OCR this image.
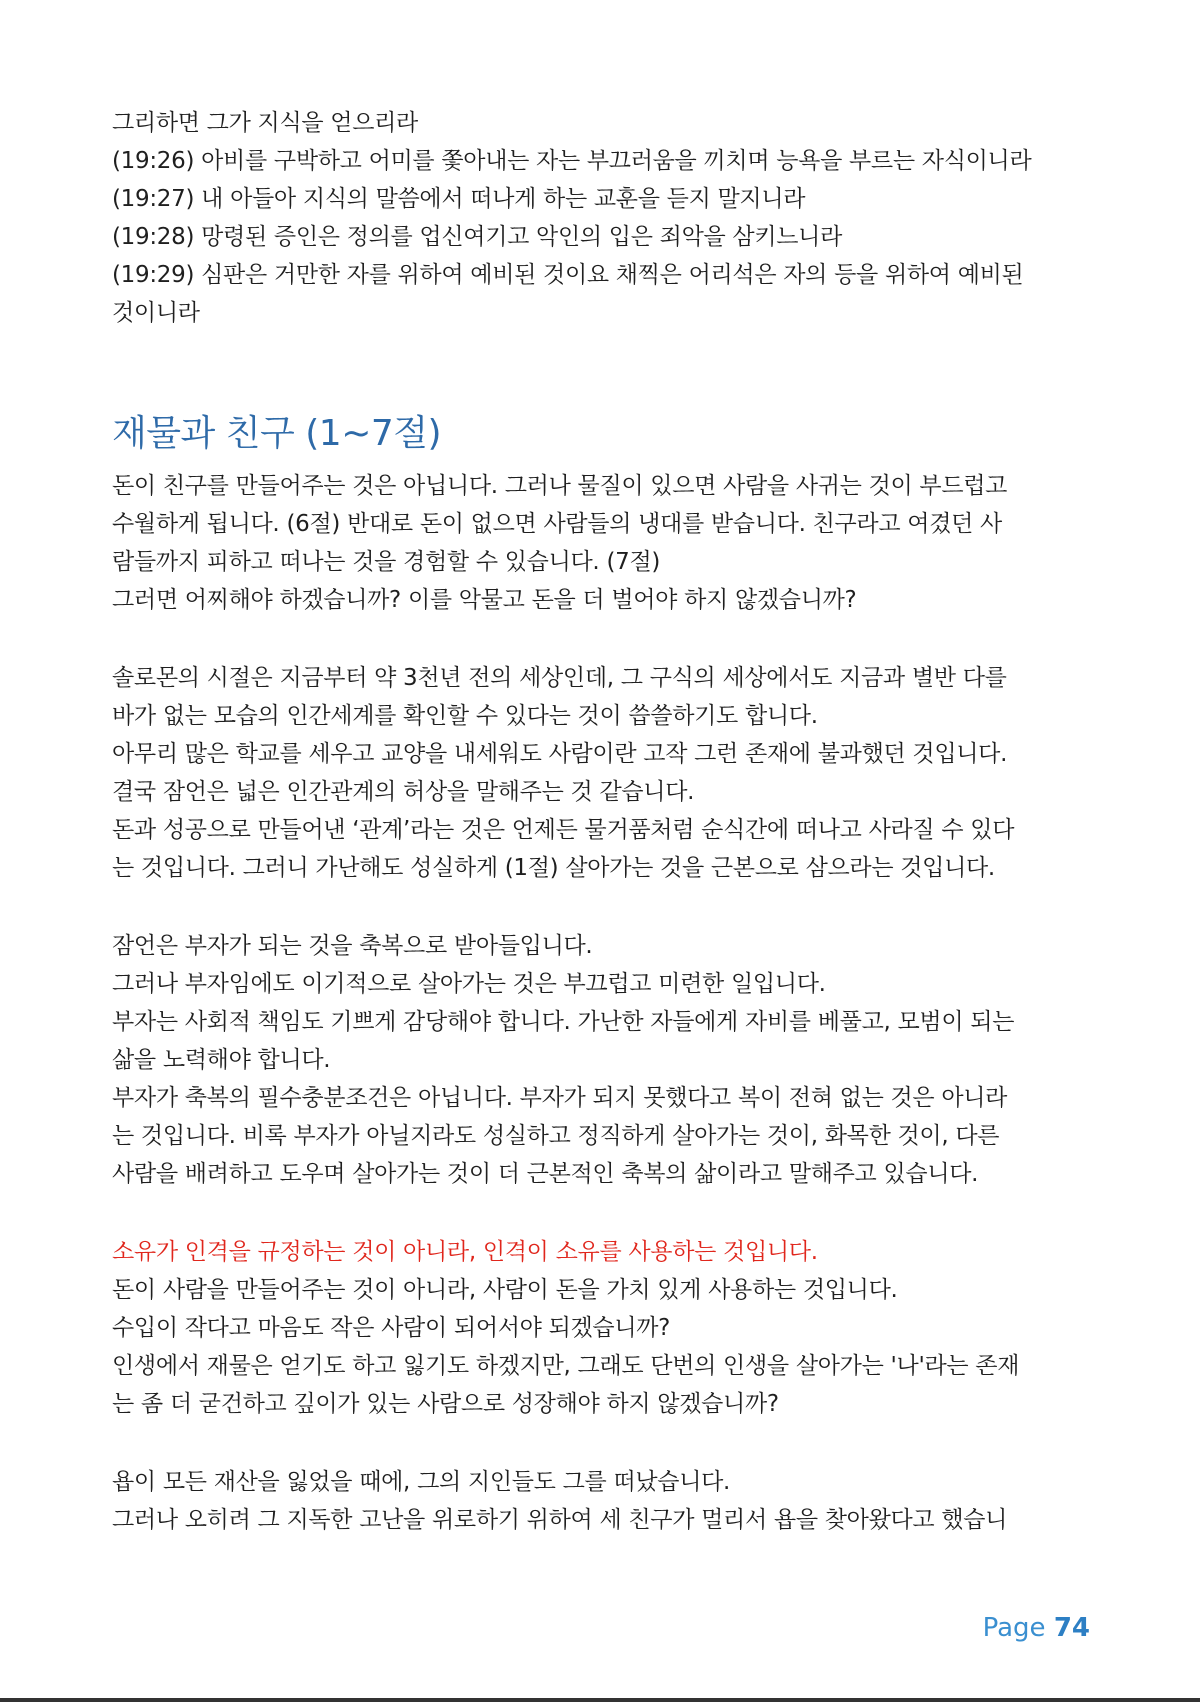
그리하면 그가 지식을 얻으리라
(19:26) 아비를 구박하고 어미를 쫓아내는 자는 부끄러움을 끼치며 능욕을 부르는 자식이니라
(19:27) 내 아들아 지식의 말씀에서 떠나게 하는 교훈을 듣지 말지니라
(19:28) 망령된 증인은 정의를 업신여기고 악인의 입은 죄악을 삼키느니라
(19:29) 심판은 거만한 자를 위하여 예비된 것이요 채찍은 어리석은 자의 등을 위하여 예비된
것이니라
재물과 친구 (1~7절)
돈이 친구를 만들어주는 것은 아닙니다. 그러나 물질이 있으면 사람을 사귀는 것이 부드럽고
수월하게 됩니다. (6절) 반대로 돈이 없으면 사람들의 냉대를 받습니다. 친구라고 여겼던 사
람들까지 피하고 떠나는 것을 경험할 수 있습니다. (7절)
그러면 어찌해야 하겠습니까? 이를 악물고 돈을 더 벌어야 하지 않겠습니까?
솔로몬의 시절은 지금부터 약 3천년 전의 세상인데, 그 구식의 세상에서도 지금과 별반 다를
바가 없는 모습의 인간세계를 확인할 수 있다는 것이 씁쓸하기도 합니다.
아무리 많은 학교를 세우고 교양을 내세워도 사람이란 고작 그런 존재에 불과했던 것입니다.
결국 잠언은 넓은 인간관계의 허상을 말해주는 것 같습니다.
돈과 성공으로 만들어낸 ‘관계’라는 것은 언제든 물거품처럼 순식간에 떠나고 사라질 수 있다
는 것입니다. 그러니 가난해도 성실하게 (1절) 살아가는 것을 근본으로 삼으라는 것입니다.
잠언은 부자가 되는 것을 축복으로 받아들입니다.
그러나 부자임에도 이기적으로 살아가는 것은 부끄럽고 미련한 일입니다.
부자는 사회적 책임도 기쁘게 감당해야 합니다. 가난한 자들에게 자비를 베풀고, 모범이 되는
삶을 노력해야 합니다.
부자가 축복의 필수충분조건은 아닙니다. 부자가 되지 못했다고 복이 전혀 없는 것은 아니라
는 것입니다. 비록 부자가 아닐지라도 성실하고 정직하게 살아가는 것이, 화목한 것이, 다른
사람을 배려하고 도우며 살아가는 것이 더 근본적인 축복의 삶이라고 말해주고 있습니다.
소유가 인격을 규정하는 것이 아니라, 인격이 소유를 사용하는 것입니다.
돈이 사람을 만들어주는 것이 아니라, 사람이 돈을 가치 있게 사용하는 것입니다.
수입이 작다고 마음도 작은 사람이 되어서야 되겠습니까?
인생에서 재물은 얻기도 하고 잃기도 하겠지만, 그래도 단번의 인생을 살아가는 '나'라는 존재
는 좀 더 굳건하고 깊이가 있는 사람으로 성장해야 하지 않겠습니까?
욥이 모든 재산을 잃었을 때에, 그의 지인들도 그를 떠났습니다.
그러나 오히려 그 지독한 고난을 위로하기 위하여 세 친구가 멀리서 욥을 찾아왔다고 했습니
Page 74
